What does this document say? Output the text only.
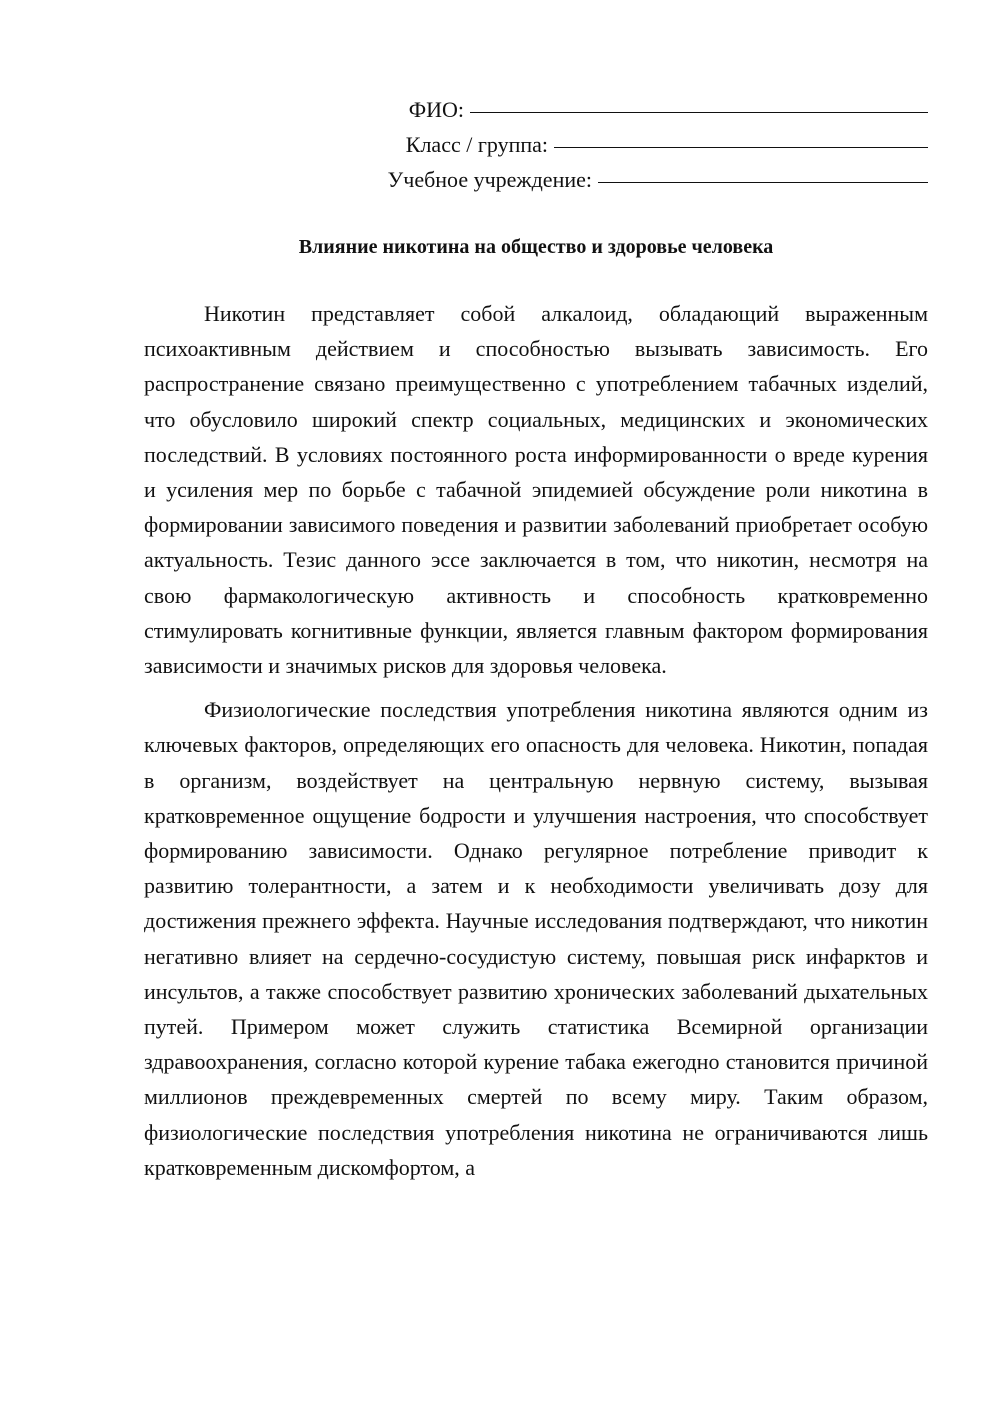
ФИО:
Класс / группа:
Учебное учреждение:
Влияние никотина на общество и здоровье человека

Никотин представляет собой алкалоид, обладающий выраженным психоактивным действием и способностью вызывать зависимость. Его распространение связано преимущественно с употреблением табачных изделий, что обусловило широкий спектр социальных, медицинских и экономических последствий. В условиях постоянного роста информированности о вреде курения и усиления мер по борьбе с табачной эпидемией обсуждение роли никотина в формировании зависимого поведения и развитии заболеваний приобретает особую актуальность. Тезис данного эссе заключается в том, что никотин, несмотря на свою фармакологическую активность и способность кратковременно стимулировать когнитивные функции, является главным фактором формирования зависимости и значимых рисков для здоровья человека.

Физиологические последствия употребления никотина являются одним из ключевых факторов, определяющих его опасность для человека. Никотин, попадая в организм, воздействует на центральную нервную систему, вызывая кратковременное ощущение бодрости и улучшения настроения, что способствует формированию зависимости. Однако регулярное потребление приводит к развитию толерантности, а затем и к необходимости увеличивать дозу для достижения прежнего эффекта. Научные исследования подтверждают, что никотин негативно влияет на сердечно-сосудистую систему, повышая риск инфарктов и инсультов, а также способствует развитию хронических заболеваний дыхательных путей. Примером может служить статистика Всемирной организации здравоохранения, согласно которой курение табака ежегодно становится причиной миллионов преждевременных смертей по всему миру. Таким образом, физиологические последствия употребления никотина не ограничиваются лишь кратковременным дискомфортом, а
